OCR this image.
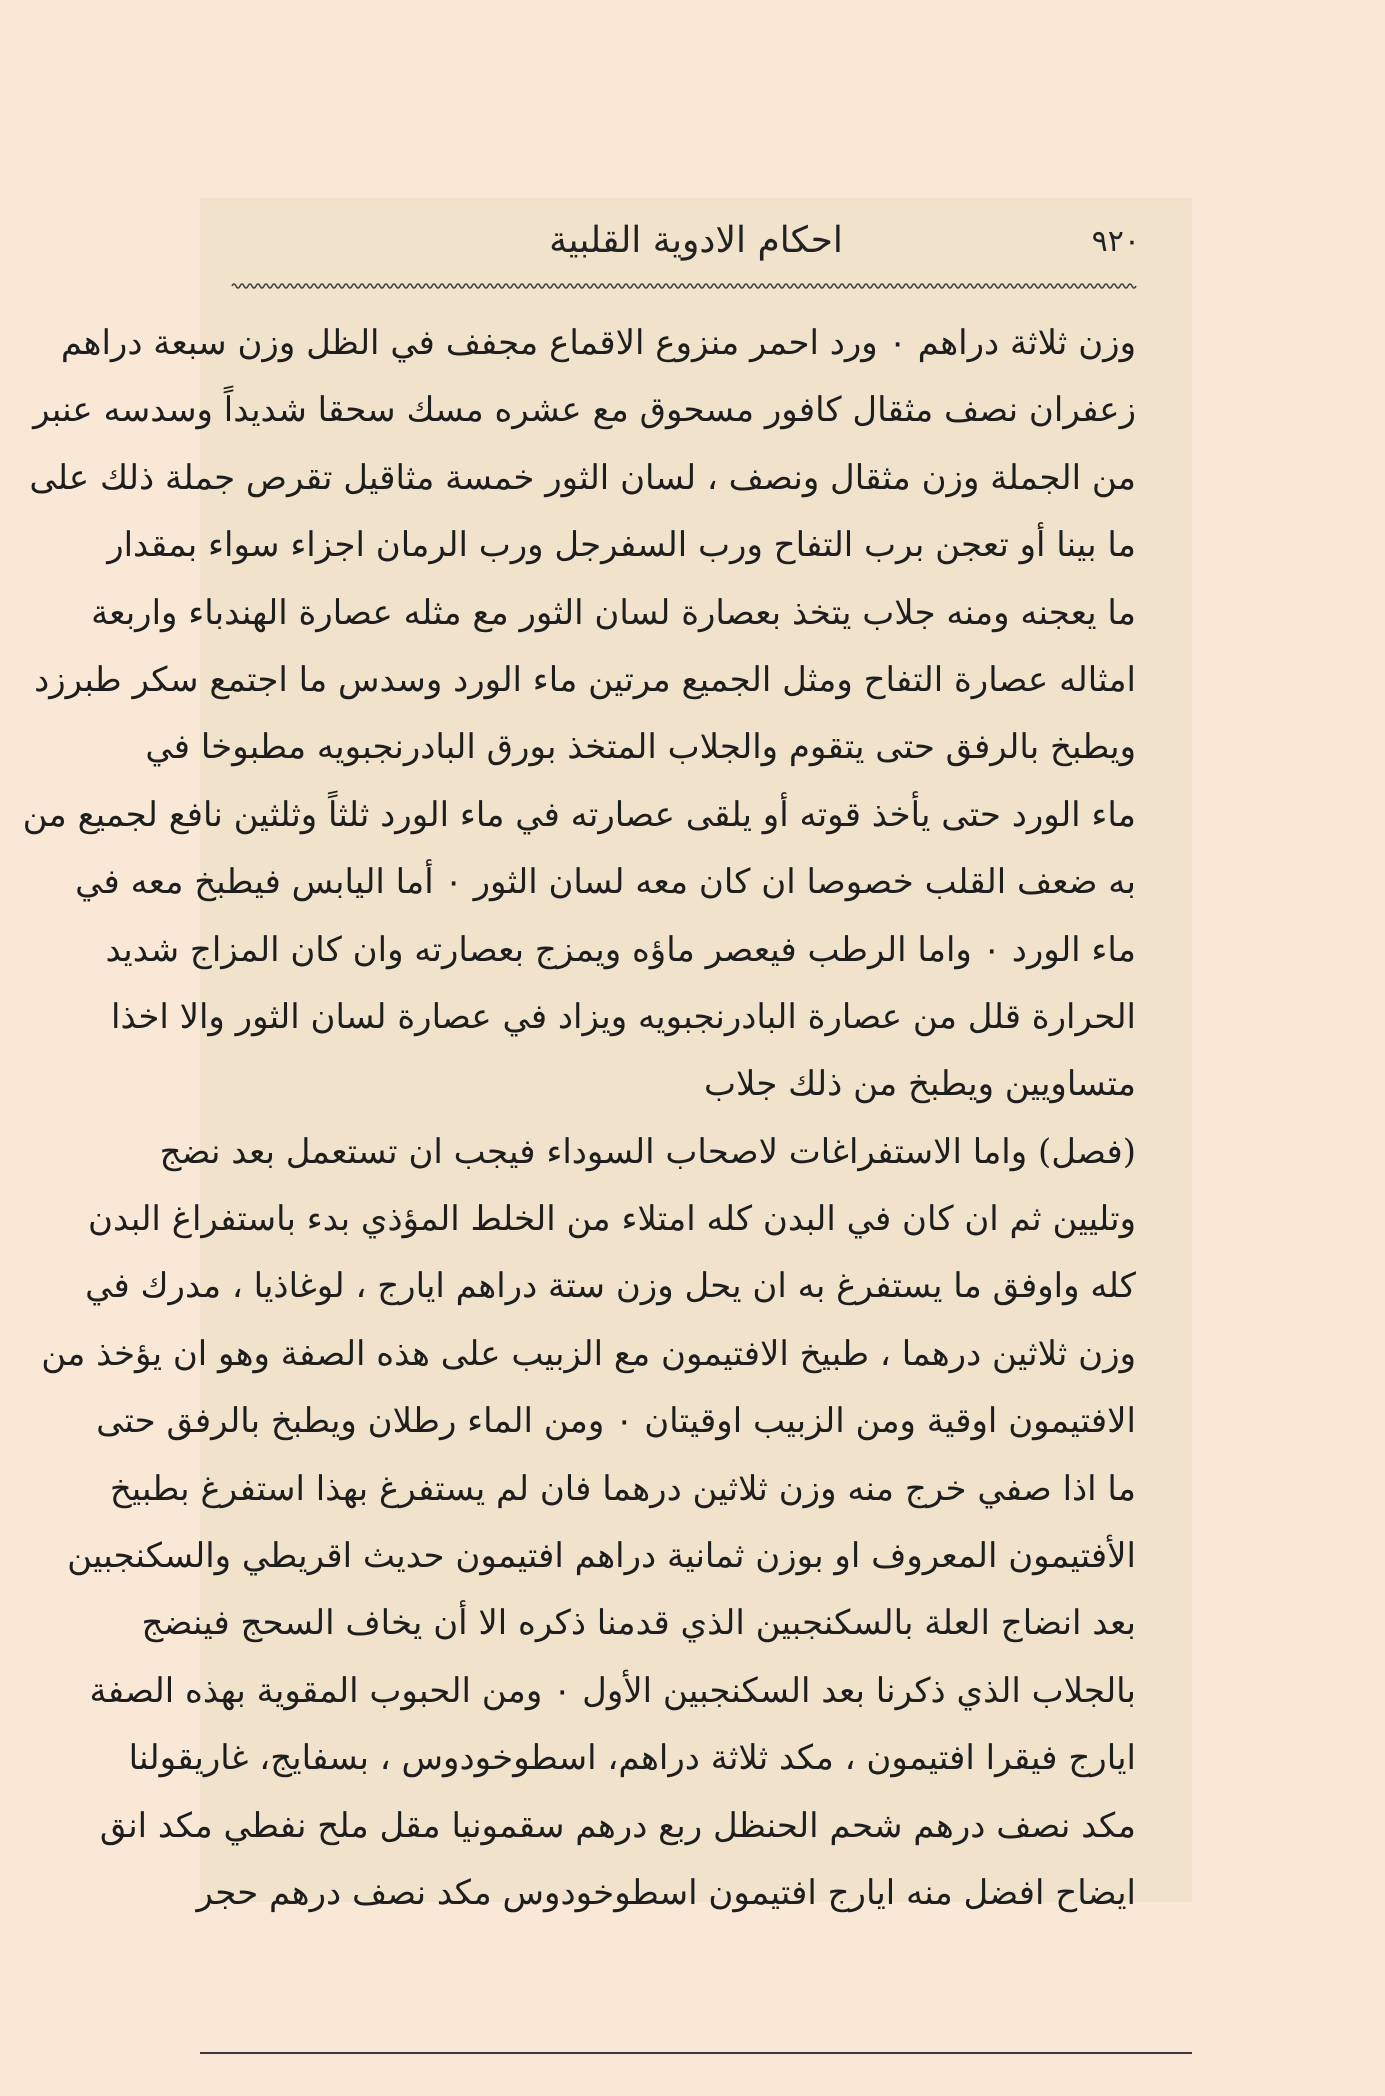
٩٢٠
احكام الادوية القلبية
وزن ثلاثة دراهم ٠ ورد احمر منزوع الاقماع مجفف في الظل وزن سبعة دراهم
زعفران نصف مثقال كافور مسحوق مع عشره مسك سحقا شديداً وسدسه عنبر
من الجملة وزن مثقال ونصف ، لسان الثور خمسة مثاقيل تقرص جملة ذلك على
ما بينا أو تعجن برب التفاح ورب السفرجل ورب الرمان اجزاء سواء بمقدار
ما يعجنه ومنه جلاب يتخذ بعصارة لسان الثور مع مثله عصارة الهندباء واربعة
امثاله عصارة التفاح ومثل الجميع مرتين ماء الورد وسدس ما اجتمع سكر طبرزد
ويطبخ بالرفق حتى يتقوم والجلاب المتخذ بورق البادرنجبويه مطبوخا في
ماء الورد حتى يأخذ قوته أو يلقى عصارته في ماء الورد ثلثاً وثلثين نافع لجميع من
به ضعف القلب خصوصا ان كان معه لسان الثور ٠ أما اليابس فيطبخ معه في
ماء الورد ٠ واما الرطب فيعصر ماؤه ويمزج بعصارته وان كان المزاج شديد
الحرارة قلل من عصارة البادرنجبويه ويزاد في عصارة لسان الثور والا اخذا
متساويين ويطبخ من ذلك جلاب
(فصل) واما الاستفراغات لاصحاب السوداء فيجب ان تستعمل بعد نضج
وتليين ثم ان كان في البدن كله امتلاء من الخلط المؤذي بدء باستفراغ البدن
كله واوفق ما يستفرغ به ان يحل وزن ستة دراهم ايارج ، لوغاذيا ، مدرك في
وزن ثلاثين درهما ، طبيخ الافتيمون مع الزبيب على هذه الصفة وهو ان يؤخذ من
الافتيمون اوقية ومن الزبيب اوقيتان ٠ ومن الماء رطلان ويطبخ بالرفق حتى
ما اذا صفي خرج منه وزن ثلاثين درهما فان لم يستفرغ بهذا استفرغ بطبيخ
الأفتيمون المعروف او بوزن ثمانية دراهم افتيمون حديث اقريطي والسكنجبين
بعد انضاج العلة بالسكنجبين الذي قدمنا ذكره الا أن يخاف السحج فينضج
بالجلاب الذي ذكرنا بعد السكنجبين الأول ٠ ومن الحبوب المقوية بهذه الصفة
ايارج فيقرا افتيمون ، مكد ثلاثة دراهم، اسطوخودوس ، بسفايج، غاريقولنا
مكد نصف درهم شحم الحنظل ربع درهم سقمونيا مقل ملح نفطي مكد انق
ايضاح افضل منه ايارج افتيمون اسطوخودوس مكد نصف درهم حجر
